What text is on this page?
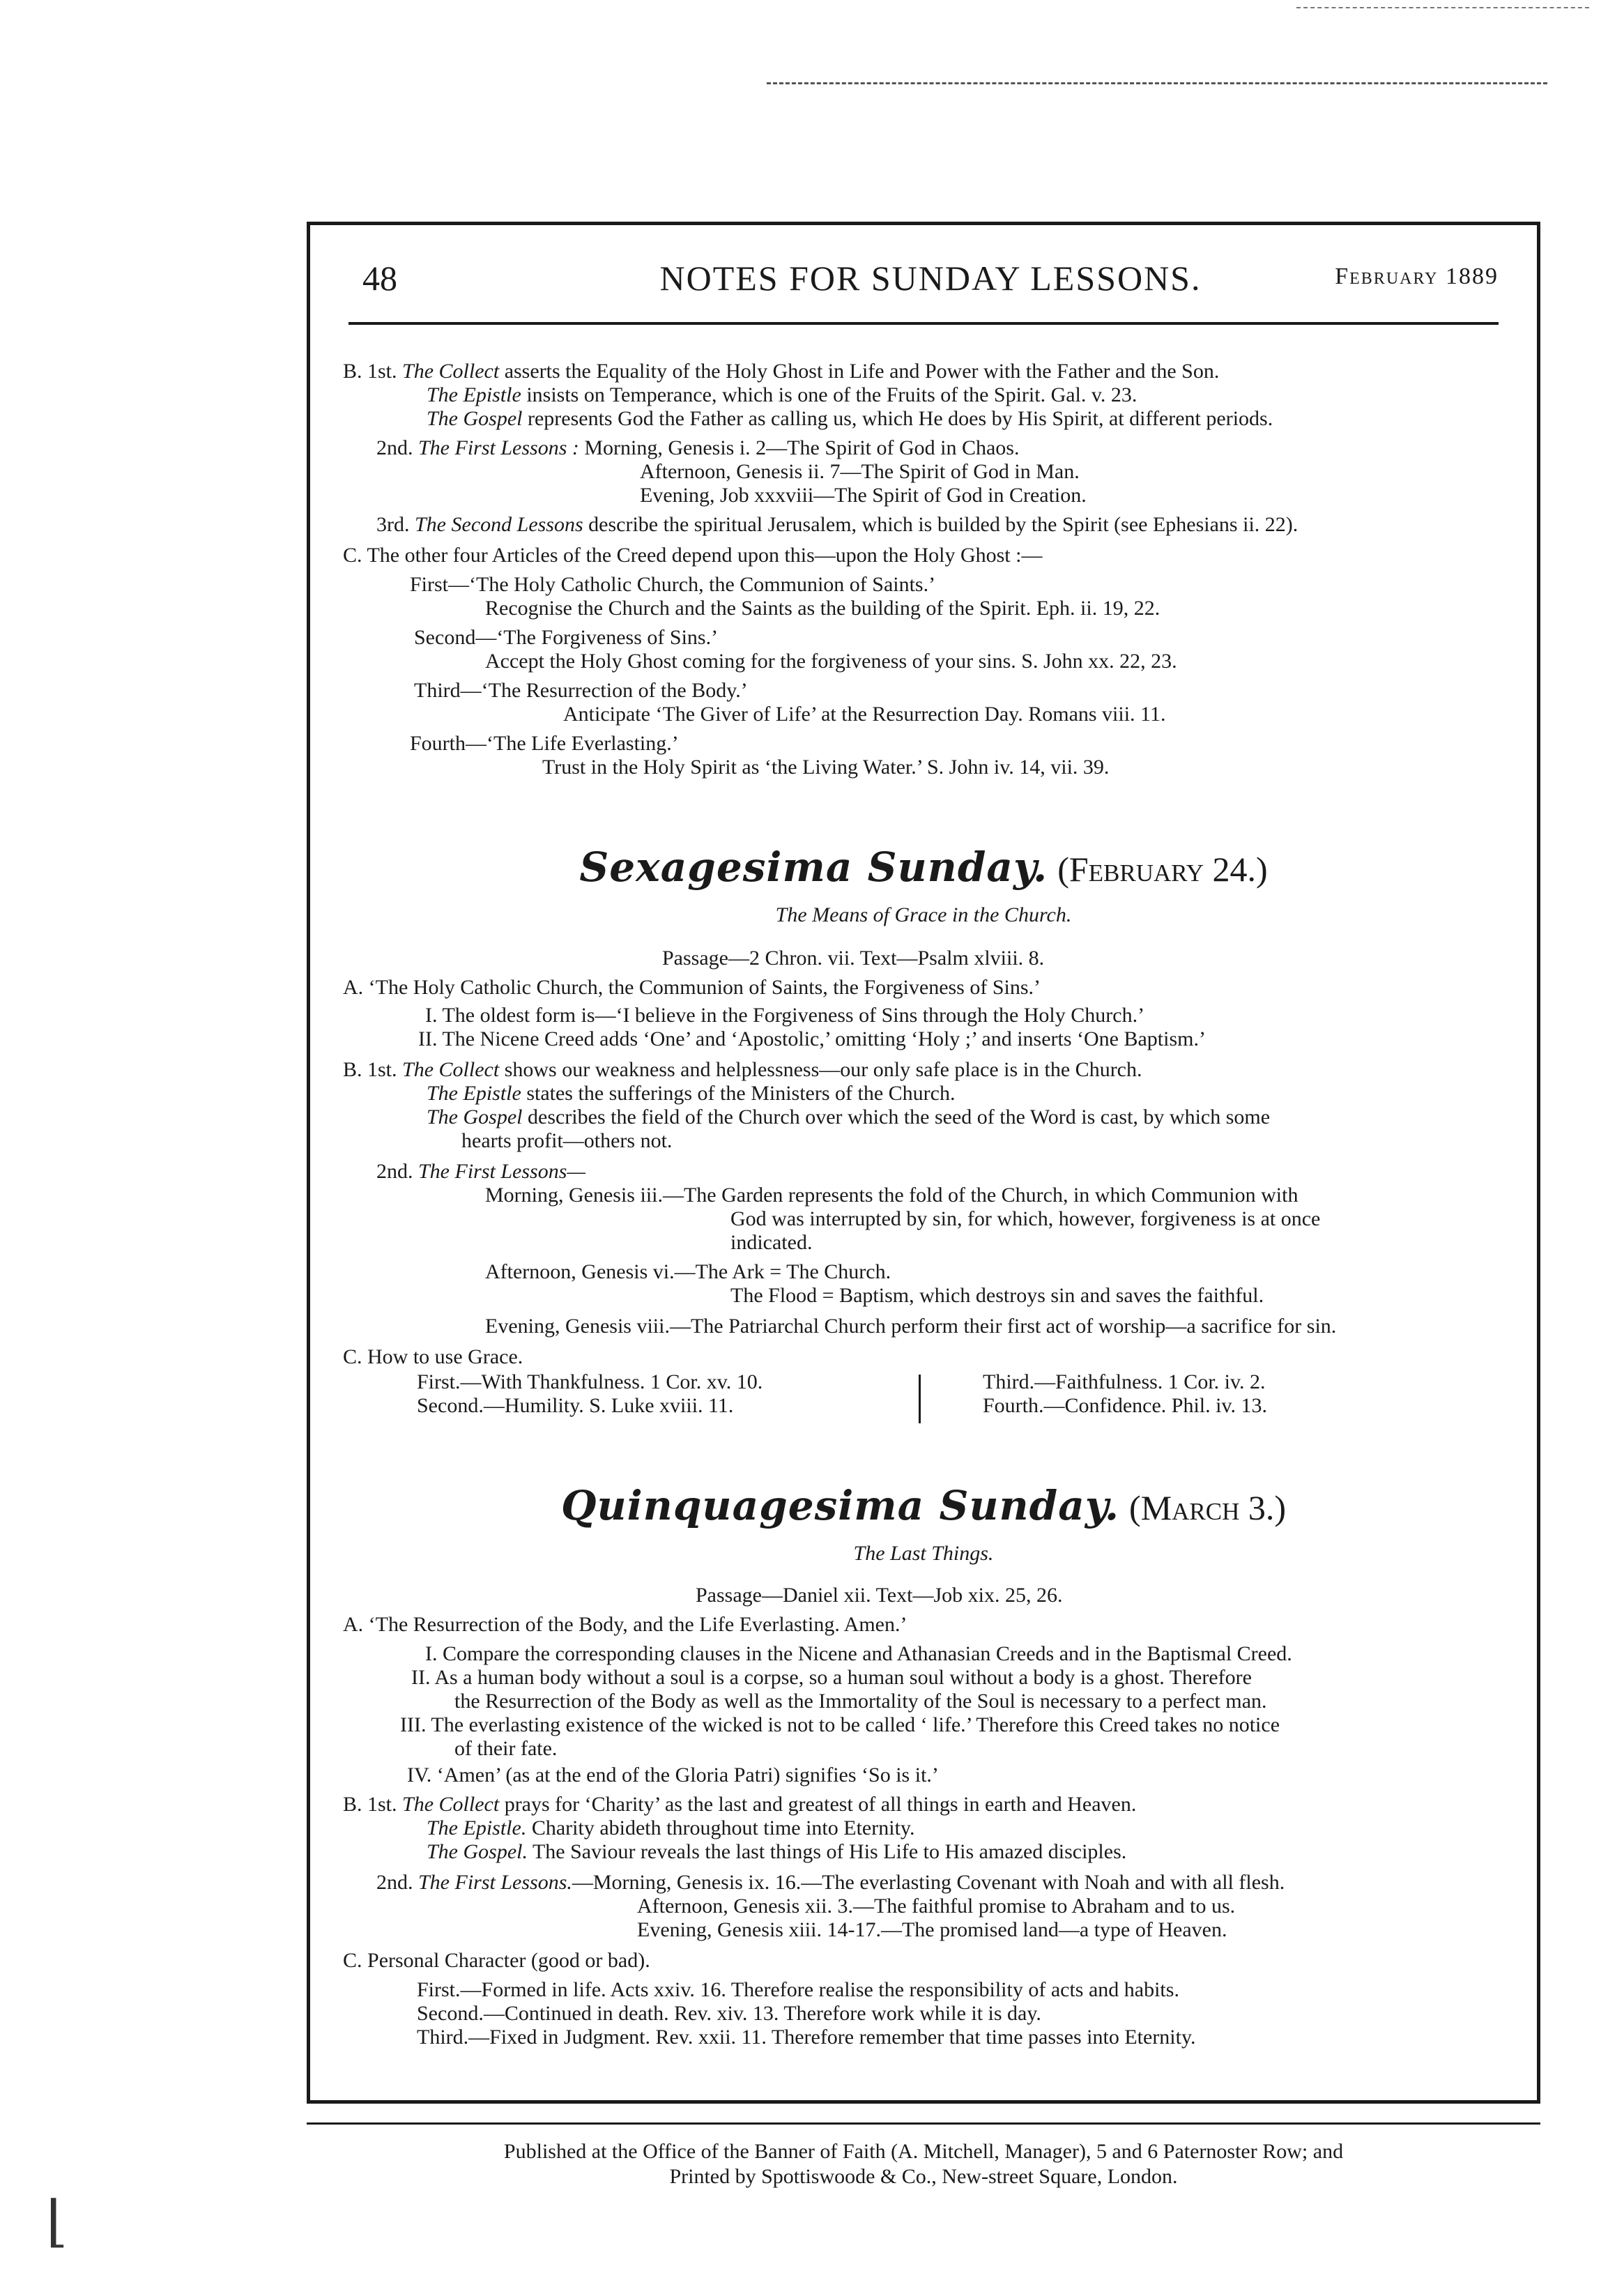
48	NOTES FOR SUNDAY LESSONS.	February 1889
B. 1st. The Collect asserts the Equality of the Holy Ghost in Life and Power with the Father and the Son.
The Epistle insists on Temperance, which is one of the Fruits of the Spirit. Gal. v. 23.
The Gospel represents God the Father as calling us, which He does by His Spirit, at different periods.
2nd. The First Lessons : Morning, Genesis i. 2—The Spirit of God in Chaos.
Afternoon, Genesis ii. 7—The Spirit of God in Man.
Evening, Job xxxviii—The Spirit of God in Creation.
3rd. The Second Lessons describe the spiritual Jerusalem, which is builded by the Spirit (see Ephesians ii. 22).
C. The other four Articles of the Creed depend upon this—upon the Holy Ghost :—
First—‘The Holy Catholic Church, the Communion of Saints.’
Recognise the Church and the Saints as the building of the Spirit. Eph. ii. 19, 22.
Second—‘The Forgiveness of Sins.’
Accept the Holy Ghost coming for the forgiveness of your sins. S. John xx. 22, 23.
Third—‘The Resurrection of the Body.’
Anticipate ‘The Giver of Life’ at the Resurrection Day. Romans viii. 11.
Fourth—‘The Life Everlasting.’
Trust in the Holy Spirit as ‘the Living Water.’ S. John iv. 14, vii. 39.
Sexagesima Sunday. (February 24.)
The Means of Grace in the Church.
Passage—2 Chron. vii. Text—Psalm xlviii. 8.
A. ‘The Holy Catholic Church, the Communion of Saints, the Forgiveness of Sins.’
I. The oldest form is—‘I believe in the Forgiveness of Sins through the Holy Church.’
II. The Nicene Creed adds ‘One’ and ‘Apostolic,’ omitting ‘Holy ;’ and inserts ‘One Baptism.’
B. 1st. The Collect shows our weakness and helplessness—our only safe place is in the Church.
The Epistle states the sufferings of the Ministers of the Church.
The Gospel describes the field of the Church over which the seed of the Word is cast, by which some
hearts profit—others not.
2nd. The First Lessons—
Morning, Genesis iii.—The Garden represents the fold of the Church, in which Communion with
God was interrupted by sin, for which, however, forgiveness is at once
indicated.
Afternoon, Genesis vi.—The Ark = The Church.
The Flood = Baptism, which destroys sin and saves the faithful.
Evening, Genesis viii.—The Patriarchal Church perform their first act of worship—a sacrifice for sin.
C. How to use Grace.
First.—With Thankfulness. 1 Cor. xv. 10.
Second.—Humility. S. Luke xviii. 11.
Third.—Faithfulness. 1 Cor. iv. 2.
Fourth.—Confidence. Phil. iv. 13.
Quinquagesima Sunday. (March 3.)
The Last Things.
Passage—Daniel xii. Text—Job xix. 25, 26.
A. ‘The Resurrection of the Body, and the Life Everlasting. Amen.’
I. Compare the corresponding clauses in the Nicene and Athanasian Creeds and in the Baptismal Creed.
II. As a human body without a soul is a corpse, so a human soul without a body is a ghost. Therefore
the Resurrection of the Body as well as the Immortality of the Soul is necessary to a perfect man.
III. The everlasting existence of the wicked is not to be called ‘ life.’ Therefore this Creed takes no notice
of their fate.
IV. ‘Amen’ (as at the end of the Gloria Patri) signifies ‘So is it.’
B. 1st. The Collect prays for ‘Charity’ as the last and greatest of all things in earth and Heaven.
The Epistle. Charity abideth throughout time into Eternity.
The Gospel. The Saviour reveals the last things of His Life to His amazed disciples.
2nd. The First Lessons.—Morning, Genesis ix. 16.—The everlasting Covenant with Noah and with all flesh.
Afternoon, Genesis xii. 3.—The faithful promise to Abraham and to us.
Evening, Genesis xiii. 14-17.—The promised land—a type of Heaven.
C. Personal Character (good or bad).
First.—Formed in life. Acts xxiv. 16. Therefore realise the responsibility of acts and habits.
Second.—Continued in death. Rev. xiv. 13. Therefore work while it is day.
Third.—Fixed in Judgment. Rev. xxii. 11. Therefore remember that time passes into Eternity.
Published at the Office of the Banner of Faith (A. Mitchell, Manager), 5 and 6 Paternoster Row; and
Printed by Spottiswoode & Co., New-street Square, London.
⌊
